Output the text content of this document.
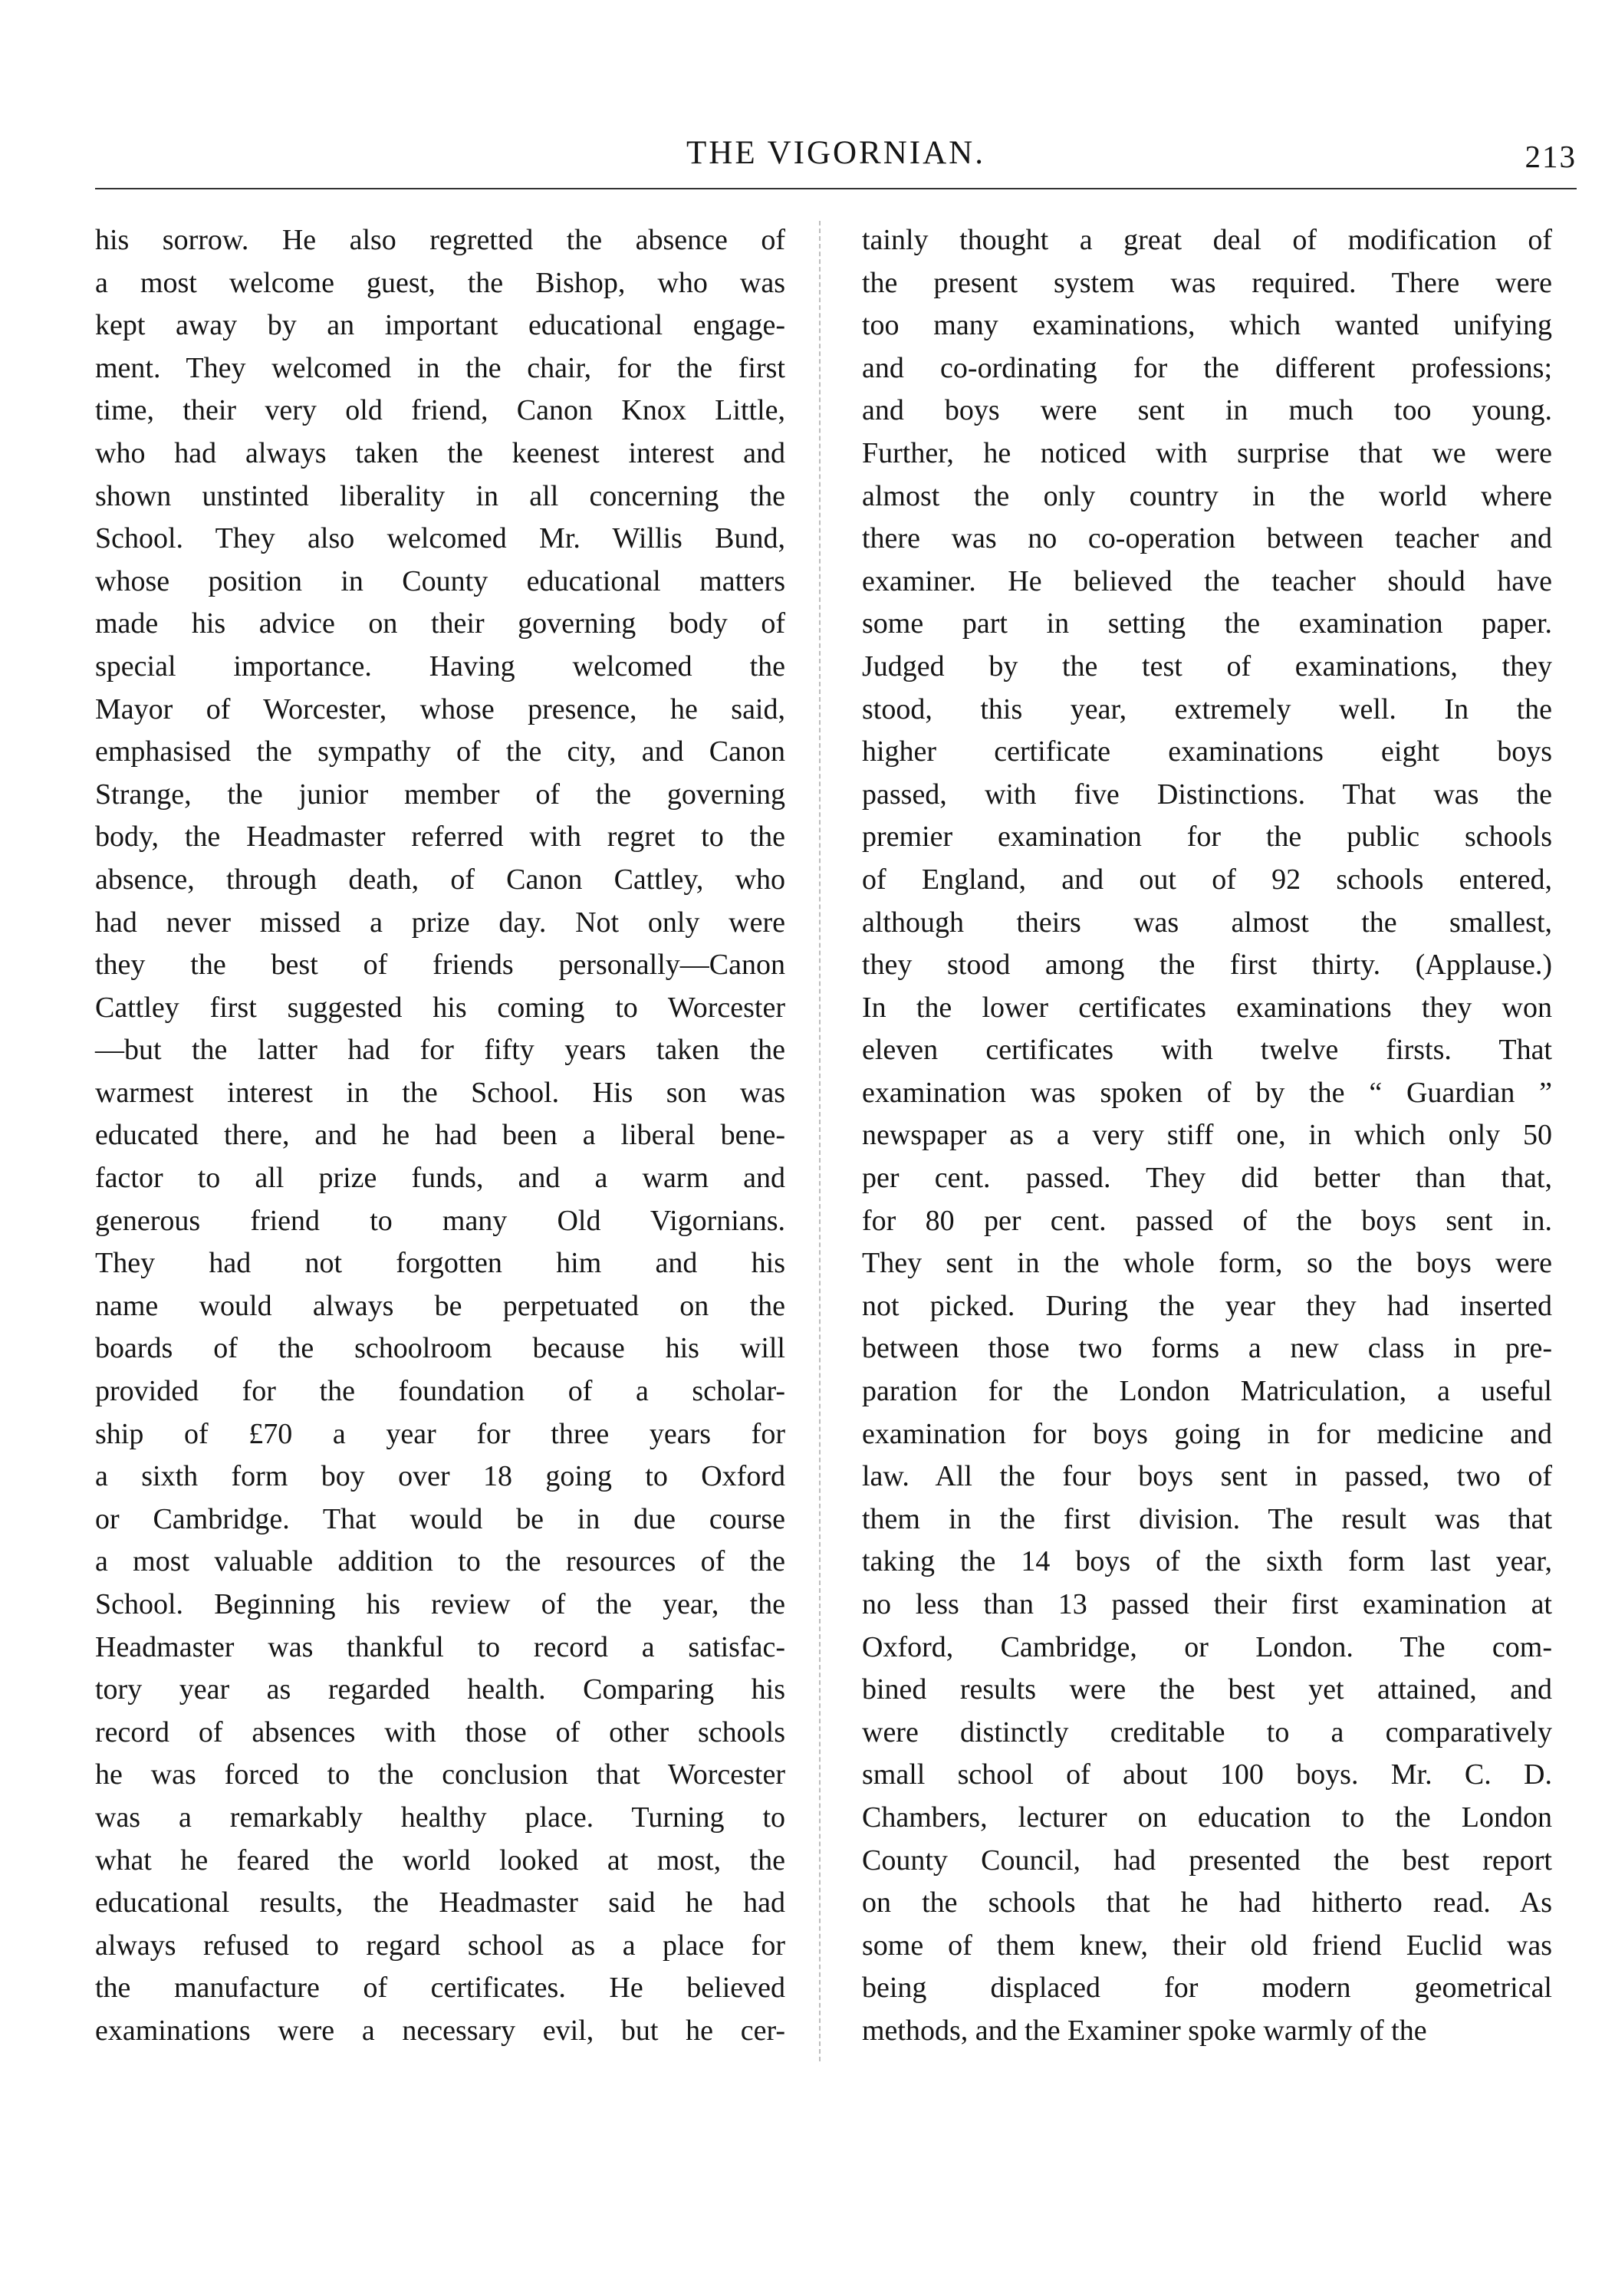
THE VIGORNIAN.	213
his sorrow. He also regretted the absence of
a most welcome guest, the Bishop, who was
kept away by an important educational engage-
ment. They welcomed in the chair, for the first
time, their very old friend, Canon Knox Little,
who had always taken the keenest interest and
shown unstinted liberality in all concerning the
School. They also welcomed Mr. Willis Bund,
whose position in County educational matters
made his advice on their governing body of
special importance. Having welcomed the
Mayor of Worcester, whose presence, he said,
emphasised the sympathy of the city, and Canon
Strange, the junior member of the governing
body, the Headmaster referred with regret to the
absence, through death, of Canon Cattley, who
had never missed a prize day. Not only were
they the best of friends personally—Canon
Cattley first suggested his coming to Worcester
—but the latter had for fifty years taken the
warmest interest in the School. His son was
educated there, and he had been a liberal bene-
factor to all prize funds, and a warm and
generous friend to many Old Vigornians.
They had not forgotten him and his
name would always be perpetuated on the
boards of the schoolroom because his will
provided for the foundation of a scholar-
ship of £70 a year for three years for
a sixth form boy over 18 going to Oxford
or Cambridge. That would be in due course
a most valuable addition to the resources of the
School. Beginning his review of the year, the
Headmaster was thankful to record a satisfac-
tory year as regarded health. Comparing his
record of absences with those of other schools
he was forced to the conclusion that Worcester
was a remarkably healthy place. Turning to
what he feared the world looked at most, the
educational results, the Headmaster said he had
always refused to regard school as a place for
the manufacture of certificates. He believed
examinations were a necessary evil, but he cer-
tainly thought a great deal of modification of
the present system was required. There were
too many examinations, which wanted unifying
and co-ordinating for the different professions;
and boys were sent in much too young.
Further, he noticed with surprise that we were
almost the only country in the world where
there was no co-operation between teacher and
examiner. He believed the teacher should have
some part in setting the examination paper.
Judged by the test of examinations, they
stood, this year, extremely well. In the
higher certificate examinations eight boys
passed, with five Distinctions. That was the
premier examination for the public schools
of England, and out of 92 schools entered,
although theirs was almost the smallest,
they stood among the first thirty. (Applause.)
In the lower certificates examinations they won
eleven certificates with twelve firsts. That
examination was spoken of by the “ Guardian ”
newspaper as a very stiff one, in which only 50
per cent. passed. They did better than that,
for 80 per cent. passed of the boys sent in.
They sent in the whole form, so the boys were
not picked. During the year they had inserted
between those two forms a new class in pre-
paration for the London Matriculation, a useful
examination for boys going in for medicine and
law. All the four boys sent in passed, two of
them in the first division. The result was that
taking the 14 boys of the sixth form last year,
no less than 13 passed their first examination at
Oxford, Cambridge, or London. The com-
bined results were the best yet attained, and
were distinctly creditable to a comparatively
small school of about 100 boys. Mr. C. D.
Chambers, lecturer on education to the London
County Council, had presented the best report
on the schools that he had hitherto read. As
some of them knew, their old friend Euclid was
being displaced for modern geometrical
methods, and the Examiner spoke warmly of the
